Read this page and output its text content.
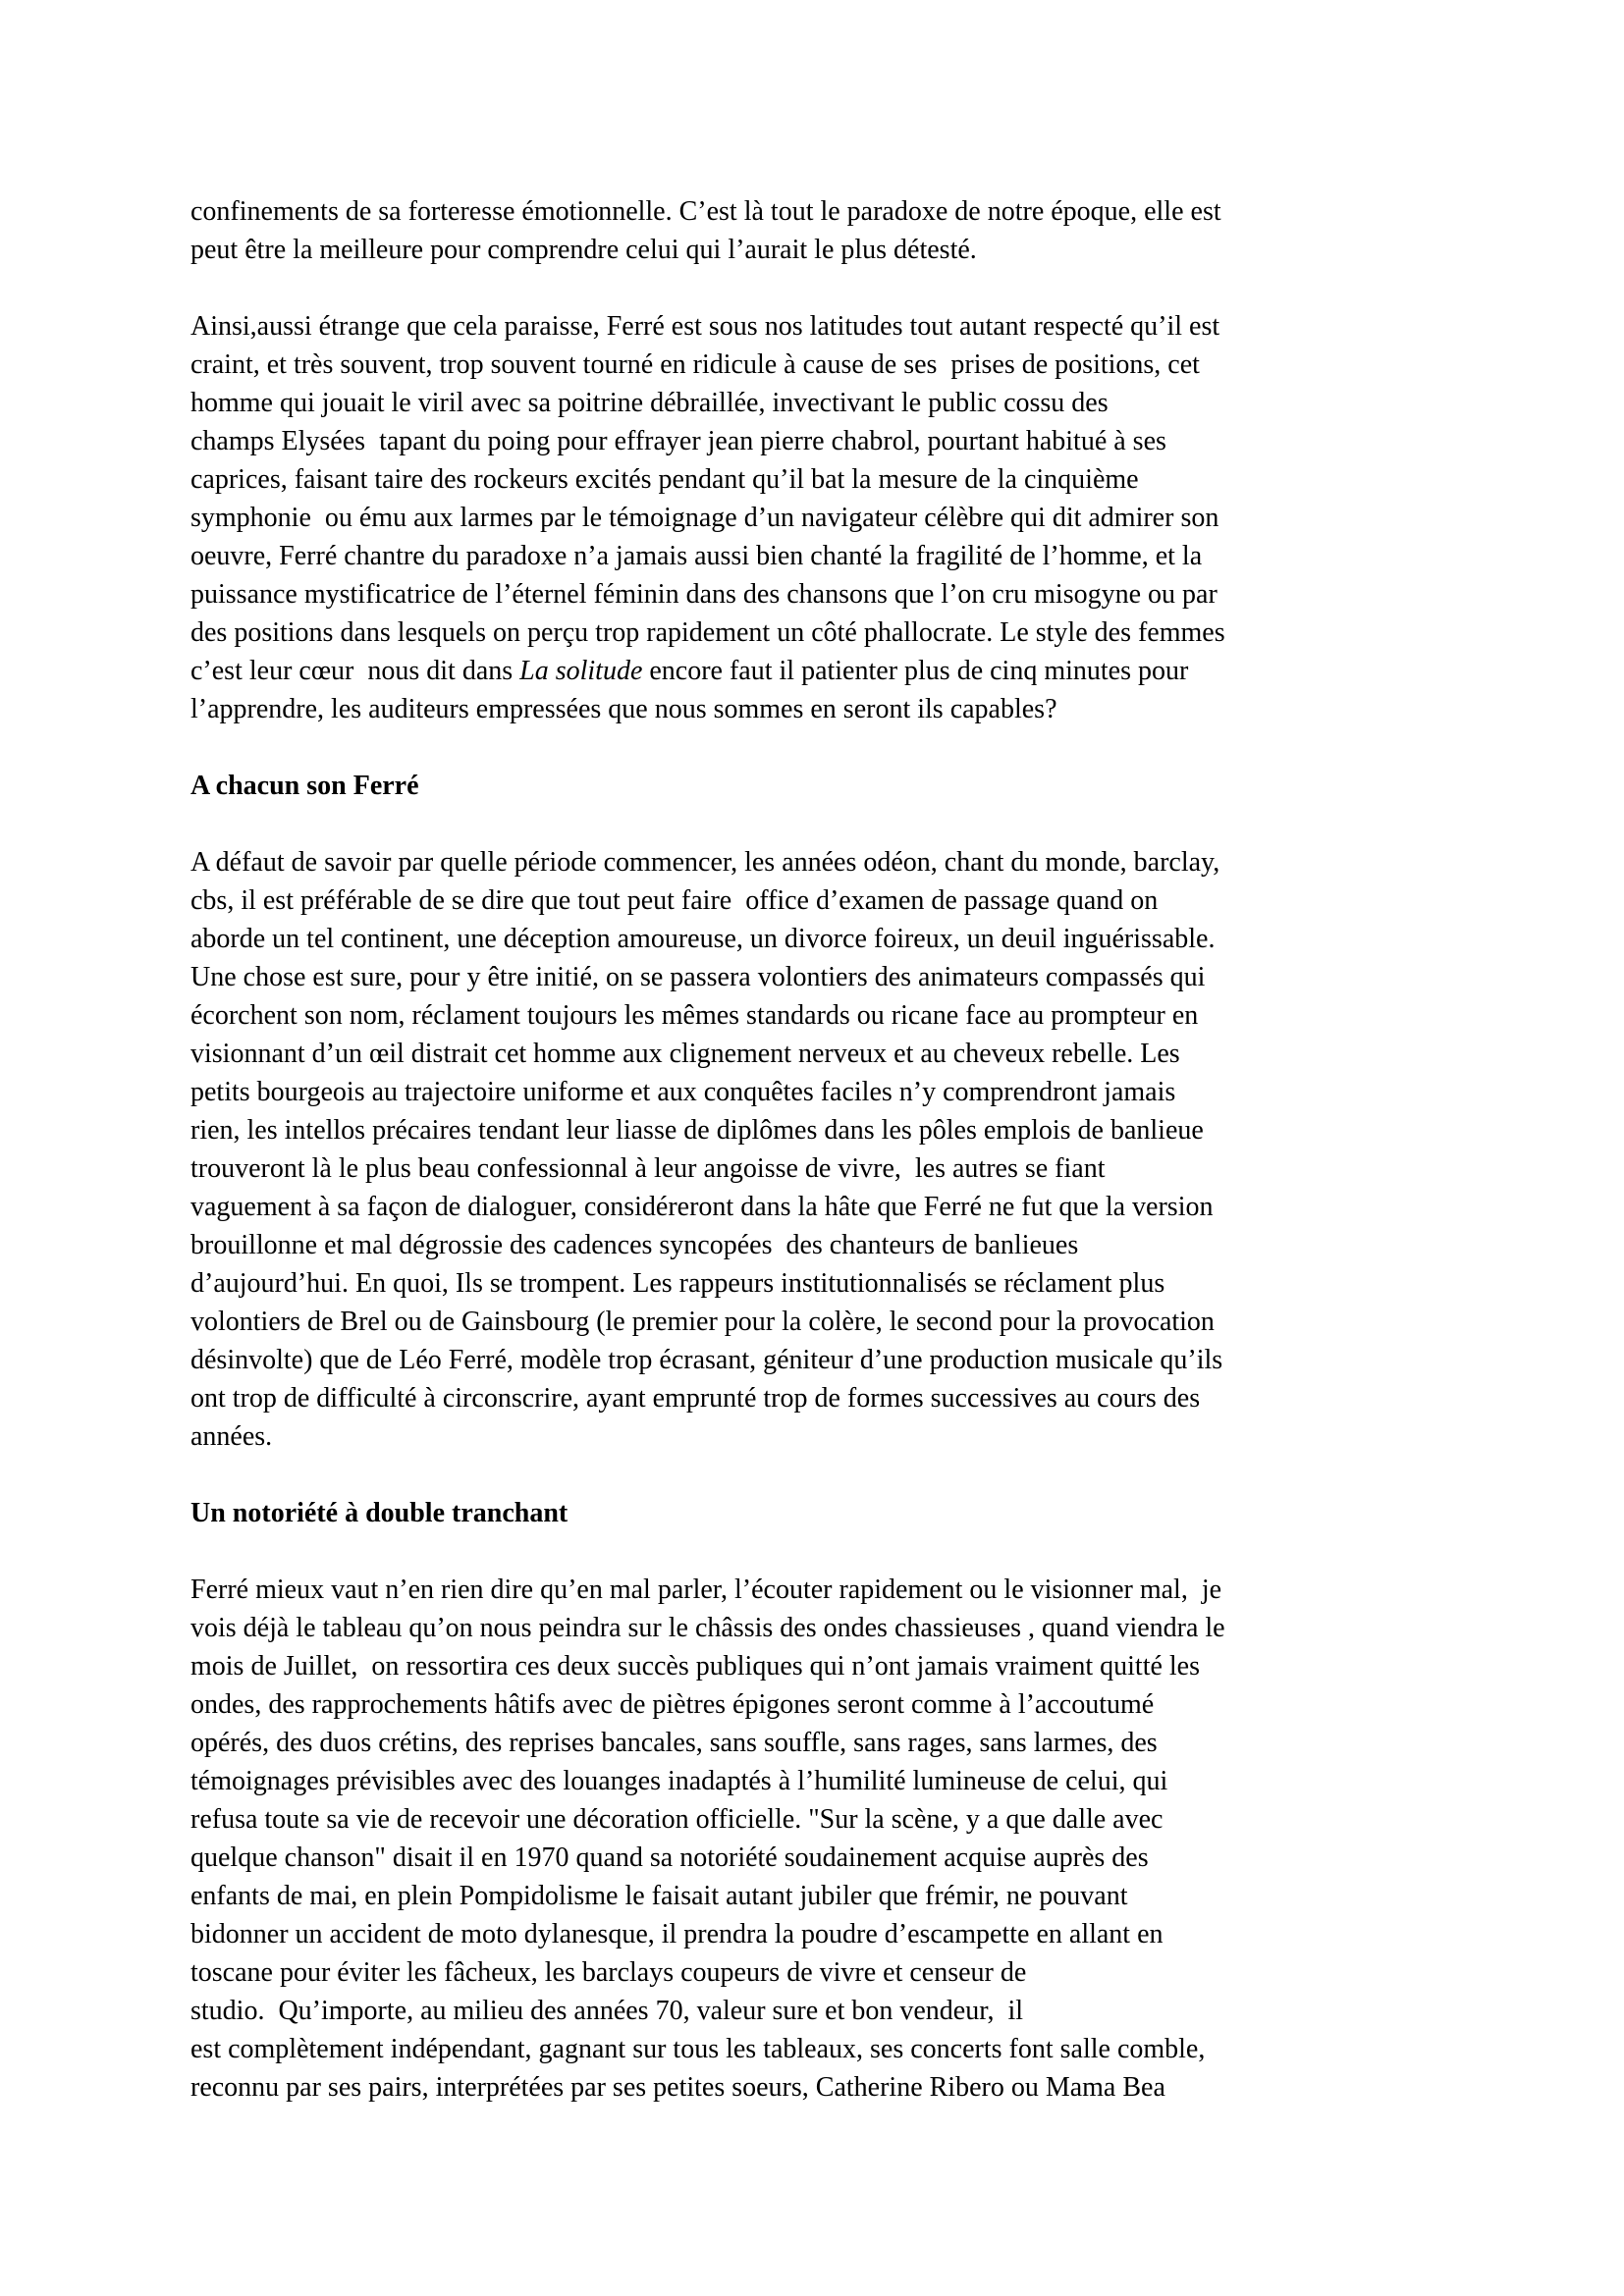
confinements de sa forteresse émotionnelle. C’est là tout le paradoxe de notre époque, elle est
peut être la meilleure pour comprendre celui qui l’aurait le plus détesté.

Ainsi,aussi étrange que cela paraisse, Ferré est sous nos latitudes tout autant respecté qu’il est
craint, et très souvent, trop souvent tourné en ridicule à cause de ses  prises de positions, cet
homme qui jouait le viril avec sa poitrine débraillée, invectivant le public cossu des
champs Elysées  tapant du poing pour effrayer jean pierre chabrol, pourtant habitué à ses
caprices, faisant taire des rockeurs excités pendant qu’il bat la mesure de la cinquième
symphonie  ou ému aux larmes par le témoignage d’un navigateur célèbre qui dit admirer son
oeuvre, Ferré chantre du paradoxe n’a jamais aussi bien chanté la fragilité de l’homme, et la
puissance mystificatrice de l’éternel féminin dans des chansons que l’on cru misogyne ou par
des positions dans lesquels on perçu trop rapidement un côté phallocrate. Le style des femmes
c’est leur cœur  nous dit dans La solitude encore faut il patienter plus de cinq minutes pour
l’apprendre, les auditeurs empressées que nous sommes en seront ils capables?

A chacun son Ferré

A défaut de savoir par quelle période commencer, les années odéon, chant du monde, barclay,
cbs, il est préférable de se dire que tout peut faire  office d’examen de passage quand on
aborde un tel continent, une déception amoureuse, un divorce foireux, un deuil inguérissable.
Une chose est sure, pour y être initié, on se passera volontiers des animateurs compassés qui
écorchent son nom, réclament toujours les mêmes standards ou ricane face au prompteur en
visionnant d’un œil distrait cet homme aux clignement nerveux et au cheveux rebelle. Les
petits bourgeois au trajectoire uniforme et aux conquêtes faciles n’y comprendront jamais
rien, les intellos précaires tendant leur liasse de diplômes dans les pôles emplois de banlieue
trouveront là le plus beau confessionnal à leur angoisse de vivre,  les autres se fiant
vaguement à sa façon de dialoguer, considéreront dans la hâte que Ferré ne fut que la version
brouillonne et mal dégrossie des cadences syncopées  des chanteurs de banlieues
d’aujourd’hui. En quoi, Ils se trompent. Les rappeurs institutionnalisés se réclament plus
volontiers de Brel ou de Gainsbourg (le premier pour la colère, le second pour la provocation
désinvolte) que de Léo Ferré, modèle trop écrasant, géniteur d’une production musicale qu’ils
ont trop de difficulté à circonscrire, ayant emprunté trop de formes successives au cours des
années.

Un notoriété à double tranchant

Ferré mieux vaut n’en rien dire qu’en mal parler, l’écouter rapidement ou le visionner mal,  je
vois déjà le tableau qu’on nous peindra sur le châssis des ondes chassieuses , quand viendra le
mois de Juillet,  on ressortira ces deux succès publiques qui n’ont jamais vraiment quitté les
ondes, des rapprochements hâtifs avec de piètres épigones seront comme à l’accoutumé
opérés, des duos crétins, des reprises bancales, sans souffle, sans rages, sans larmes, des
témoignages prévisibles avec des louanges inadaptés à l’humilité lumineuse de celui, qui
refusa toute sa vie de recevoir une décoration officielle. "Sur la scène, y a que dalle avec
quelque chanson" disait il en 1970 quand sa notoriété soudainement acquise auprès des
enfants de mai, en plein Pompidolisme le faisait autant jubiler que frémir, ne pouvant
bidonner un accident de moto dylanesque, il prendra la poudre d’escampette en allant en
toscane pour éviter les fâcheux, les barclays coupeurs de vivre et censeur de
studio.  Qu’importe, au milieu des années 70, valeur sure et bon vendeur,  il
est complètement indépendant, gagnant sur tous les tableaux, ses concerts font salle comble,
reconnu par ses pairs, interprétées par ses petites soeurs, Catherine Ribero ou Mama Bea
